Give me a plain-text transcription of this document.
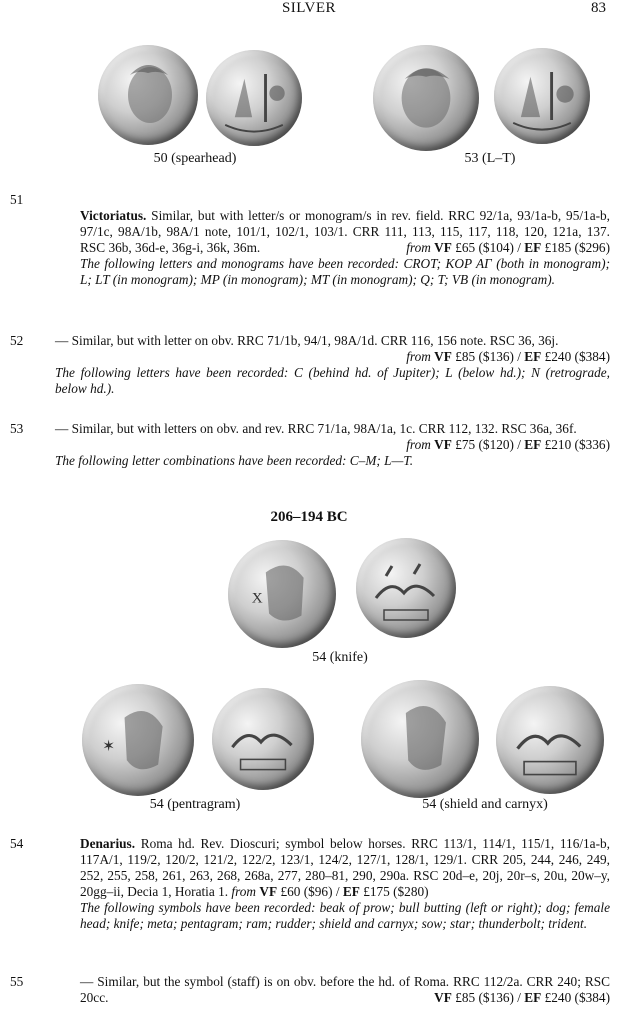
SILVER	83
50 (spearhead)	53 (L–T)
51

Victoriatus. Similar, but with letter/s or monogram/s in rev. field. RRC 92/1a, 93/1a-b, 95/1a-b, 97/1c, 98A/1b, 98A/1 note, 101/1, 102/1, 103/1. CRR 111, 113, 115, 117, 118, 120, 121a, 137. RSC 36b, 36d-e, 36g-i, 36k, 36m.	from VF £65 ($104) / EF £185 ($296)

The following letters and monograms have been recorded: CROT; KOP AΓ (both in monogram); L; LT (in monogram); MP (in monogram); MT (in monogram); Q; T; VB (in monogram).

52	— Similar, but with letter on obv. RRC 71/1b, 94/1, 98A/1d. CRR 116, 156 note. RSC 36, 36j.
from VF £85 ($136) / EF £240 ($384)

The following letters have been recorded: C (behind hd. of Jupiter); L (below hd.); N (retrograde, below hd.).

53	— Similar, but with letters on obv. and rev. RRC 71/1a, 98A/1a, 1c. CRR 112, 132. RSC 36a, 36f.
from VF £75 ($120) / EF £210 ($336)

The following letter combinations have been recorded: C–M; L—T.

206–194 BC
X
54 (knife)
✶
54 (pentragram)	54 (shield and carnyx)
54	Denarius. Roma hd. Rev. Dioscuri; symbol below horses. RRC 113/1, 114/1, 115/1, 116/1a-b, 117A/1, 119/2, 120/2, 121/2, 122/2, 123/1, 124/2, 127/1, 128/1, 129/1. CRR 205, 244, 246, 249, 252, 255, 258, 261, 263, 268, 268a, 277, 280–81, 290, 290a. RSC 20d–e, 20j, 20r–s, 20u, 20w–y, 20gg–ii, Decia 1, Horatia 1. from VF £60 ($96) / EF £175 ($280)

The following symbols have been recorded: beak of prow; bull butting (left or right); dog; female head; knife; meta; pentagram; ram; rudder; shield and carnyx; sow; star; thunderbolt; trident.

55	— Similar, but the symbol (staff) is on obv. before the hd. of Roma. RRC 112/2a. CRR 240; RSC 20cc.	VF £85 ($136) / EF £240 ($384)
